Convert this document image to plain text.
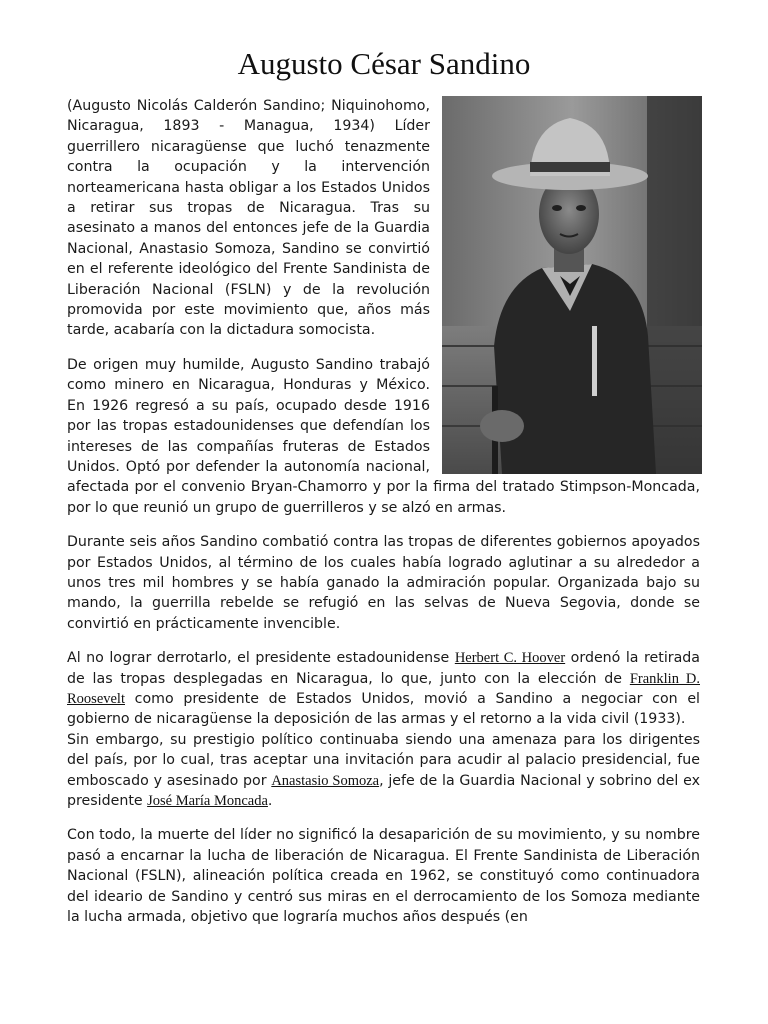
Augusto César Sandino

(Augusto Nicolás Calderón Sandino; Niquinohomo, Nicaragua, 1893 - Managua, 1934) Líder guerrillero nicaragüense que luchó tenazmente contra la ocupación y la intervención norteamericana hasta obligar a los Estados Unidos a retirar sus tropas de Nicaragua. Tras su asesinato a manos del entonces jefe de la Guardia Nacional, Anastasio Somoza, Sandino se convirtió en el referente ideológico del Frente Sandinista de Liberación Nacional (FSLN) y de la revolución promovida por este movimiento que, años más tarde, acabaría con la dictadura somocista.

De origen muy humilde, Augusto Sandino trabajó como minero en Nicaragua, Honduras y México. En 1926 regresó a su país, ocupado desde 1916 por las tropas estadounidenses que defendían los intereses de las compañías fruteras de Estados Unidos. Optó por defender la autonomía nacional, afectada por el convenio Bryan-Chamorro y por la firma del tratado Stimpson-Moncada, por lo que reunió un grupo de guerrilleros y se alzó en armas.

Durante seis años Sandino combatió contra las tropas de diferentes gobiernos apoyados por Estados Unidos, al término de los cuales había logrado aglutinar a su alrededor a unos tres mil hombres y se había ganado la admiración popular. Organizada bajo su mando, la guerrilla rebelde se refugió en las selvas de Nueva Segovia, donde se convirtió en prácticamente invencible.

Al no lograr derrotarlo, el presidente estadounidense Herbert C. Hoover ordenó la retirada de las tropas desplegadas en Nicaragua, lo que, junto con la elección de Franklin D. Roosevelt como presidente de Estados Unidos, movió a Sandino a negociar con el gobierno de nicaragüense la deposición de las armas y el retorno a la vida civil (1933).
Sin embargo, su prestigio político continuaba siendo una amenaza para los dirigentes del país, por lo cual, tras aceptar una invitación para acudir al palacio presidencial, fue emboscado y asesinado por Anastasio Somoza, jefe de la Guardia Nacional y sobrino del ex presidente José María Moncada.

Con todo, la muerte del líder no significó la desaparición de su movimiento, y su nombre pasó a encarnar la lucha de liberación de Nicaragua. El Frente Sandinista de Liberación Nacional (FSLN), alineación política creada en 1962, se constituyó como continuadora del ideario de Sandino y centró sus miras en el derrocamiento de los Somoza mediante la lucha armada, objetivo que lograría muchos años después (en
